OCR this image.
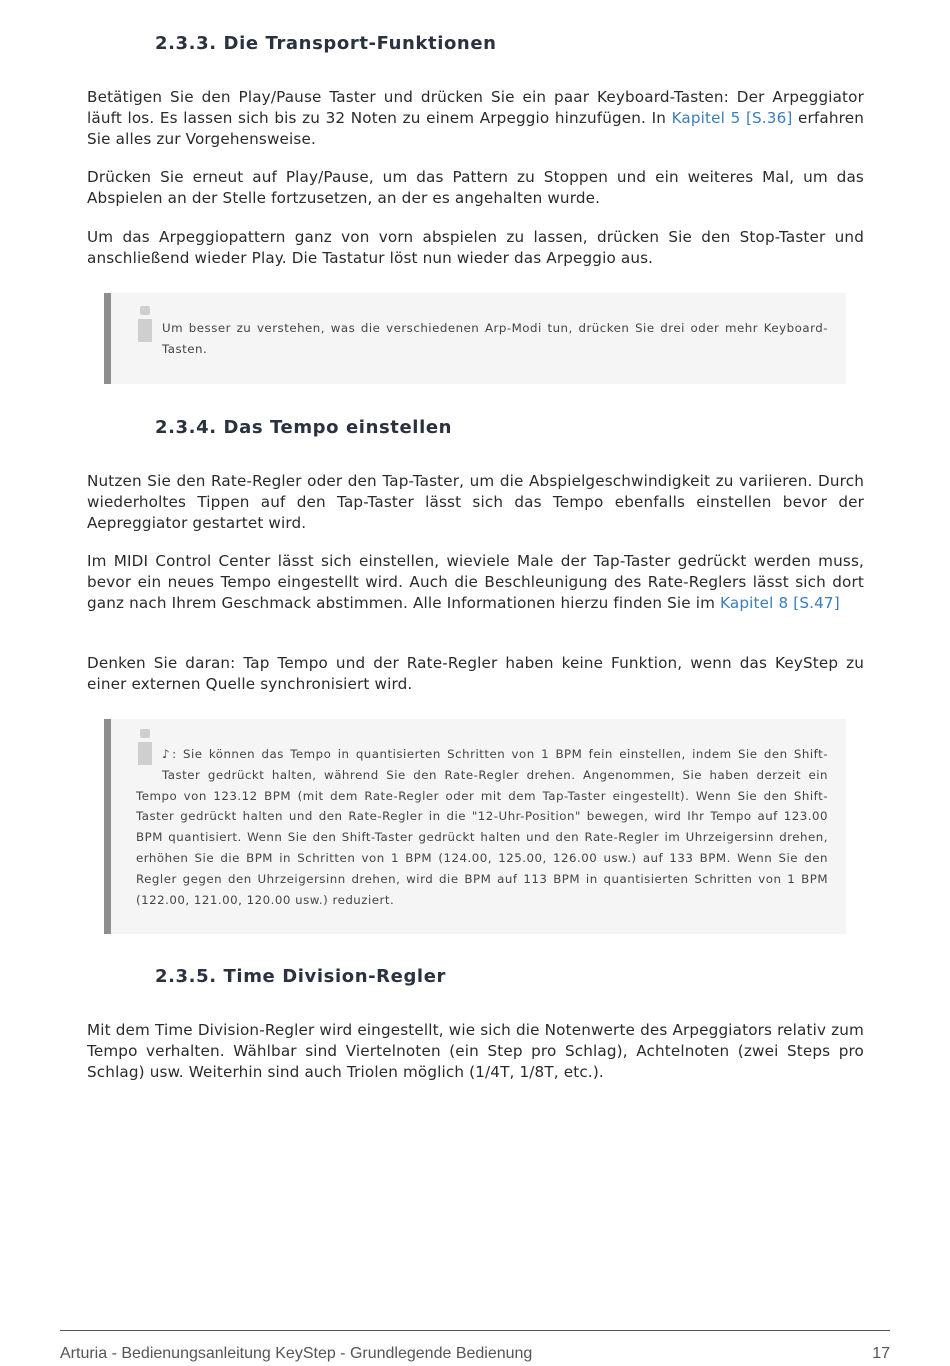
2.3.3. Die Transport-Funktionen

Betätigen Sie den Play/Pause Taster und drücken Sie ein paar Keyboard-Tasten: Der Arpeggiator läuft los. Es lassen sich bis zu 32 Noten zu einem Arpeggio hinzufügen. In Kapitel 5 [S.36] erfahren Sie alles zur Vorgehensweise.

Drücken Sie erneut auf Play/Pause, um das Pattern zu Stoppen und ein weiteres Mal, um das Abspielen an der Stelle fortzusetzen, an der es angehalten wurde.

Um das Arpeggiopattern ganz von vorn abspielen zu lassen, drücken Sie den Stop-Taster und anschließend wieder Play. Die Tastatur löst nun wieder das Arpeggio aus.

Um besser zu verstehen, was die verschiedenen Arp-Modi tun, drücken Sie drei oder mehr Keyboard-Tasten.

2.3.4. Das Tempo einstellen

Nutzen Sie den Rate-Regler oder den Tap-Taster, um die Abspielgeschwindigkeit zu variieren. Durch wiederholtes Tippen auf den Tap-Taster lässt sich das Tempo ebenfalls einstellen bevor der Aepreggiator gestartet wird.

Im MIDI Control Center lässt sich einstellen, wieviele Male der Tap-Taster gedrückt werden muss, bevor ein neues Tempo eingestellt wird. Auch die Beschleunigung des Rate-Reglers lässt sich dort ganz nach Ihrem Geschmack abstimmen. Alle Informationen hierzu finden Sie im Kapitel 8 [S.47]

Denken Sie daran: Tap Tempo und der Rate-Regler haben keine Funktion, wenn das KeyStep zu einer externen Quelle synchronisiert wird.

♪: Sie können das Tempo in quantisierten Schritten von 1 BPM fein einstellen, indem Sie den Shift-Taster gedrückt halten, während Sie den Rate-Regler drehen. Angenommen, Sie haben derzeit ein Tempo von 123.12 BPM (mit dem Rate-Regler oder mit dem Tap-Taster eingestellt). Wenn Sie den Shift-Taster gedrückt halten und den Rate-Regler in die "12-Uhr-Position" bewegen, wird Ihr Tempo auf 123.00 BPM quantisiert. Wenn Sie den Shift-Taster gedrückt halten und den Rate-Regler im Uhrzeigersinn drehen, erhöhen Sie die BPM in Schritten von 1 BPM (124.00, 125.00, 126.00 usw.) auf 133 BPM. Wenn Sie den Regler gegen den Uhrzeigersinn drehen, wird die BPM auf 113 BPM in quantisierten Schritten von 1 BPM (122.00, 121.00, 120.00 usw.) reduziert.

2.3.5. Time Division-Regler

Mit dem Time Division-Regler wird eingestellt, wie sich die Notenwerte des Arpeggiators relativ zum Tempo verhalten. Wählbar sind Viertelnoten (ein Step pro Schlag), Achtelnoten (zwei Steps pro Schlag) usw. Weiterhin sind auch Triolen möglich (1/4T, 1/8T, etc.).

Arturia - Bedienungsanleitung KeyStep - Grundlegende Bedienung	17
